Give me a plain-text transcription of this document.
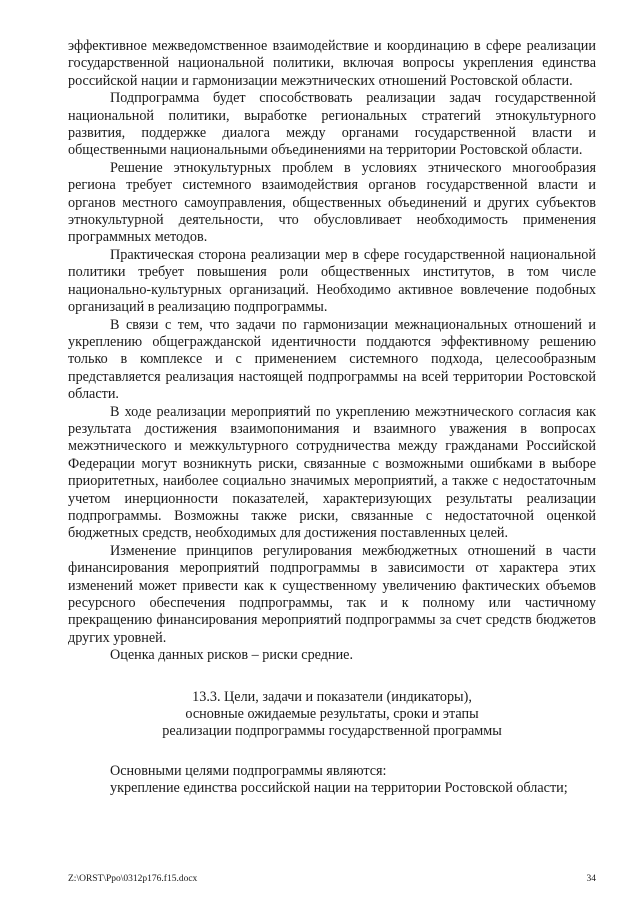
эффективное межведомственное взаимодействие и координацию в сфере реализации государственной национальной политики, включая вопросы укрепления единства российской нации и гармонизации межэтнических отношений Ростовской области.

Подпрограмма будет способствовать реализации задач государственной национальной политики, выработке региональных стратегий этнокультурного развития, поддержке диалога между органами государственной власти и общественными национальными объединениями на территории Ростовской области.

Решение этнокультурных проблем в условиях этнического многообразия региона требует системного взаимодействия органов государственной власти и органов местного самоуправления, общественных объединений и других субъектов этнокультурной деятельности, что обусловливает необходимость применения программных методов.

Практическая сторона реализации мер в сфере государственной национальной политики требует повышения роли общественных институтов, в том числе национально-культурных организаций. Необходимо активное вовлечение подобных организаций в реализацию подпрограммы.

В связи с тем, что задачи по гармонизации межнациональных отношений и укреплению общегражданской идентичности поддаются эффективному решению только в комплексе и с применением системного подхода, целесообразным представляется реализация настоящей подпрограммы на всей территории Ростовской области.

В ходе реализации мероприятий по укреплению межэтнического согласия как результата достижения взаимопонимания и взаимного уважения в вопросах межэтнического и межкультурного сотрудничества между гражданами Российской Федерации могут возникнуть риски, связанные с возможными ошибками в выборе приоритетных, наиболее социально значимых мероприятий, а также с недостаточным учетом инерционности показателей, характеризующих результаты реализации подпрограммы. Возможны также риски, связанные с недостаточной оценкой бюджетных средств, необходимых для достижения поставленных целей.

Изменение принципов регулирования межбюджетных отношений в части финансирования мероприятий подпрограммы в зависимости от характера этих изменений может привести как к существенному увеличению фактических объемов ресурсного обеспечения подпрограммы, так и к полному или частичному прекращению финансирования мероприятий подпрограммы за счет средств бюджетов других уровней.

Оценка данных рисков – риски средние.

13.3. Цели, задачи и показатели (индикаторы),
основные ожидаемые результаты, сроки и этапы
реализации подпрограммы государственной программы

Основными целями подпрограммы являются:

укрепление единства российской нации на территории Ростовской области;

Z:\ORST\Ppo\0312p176.f15.docx	34
